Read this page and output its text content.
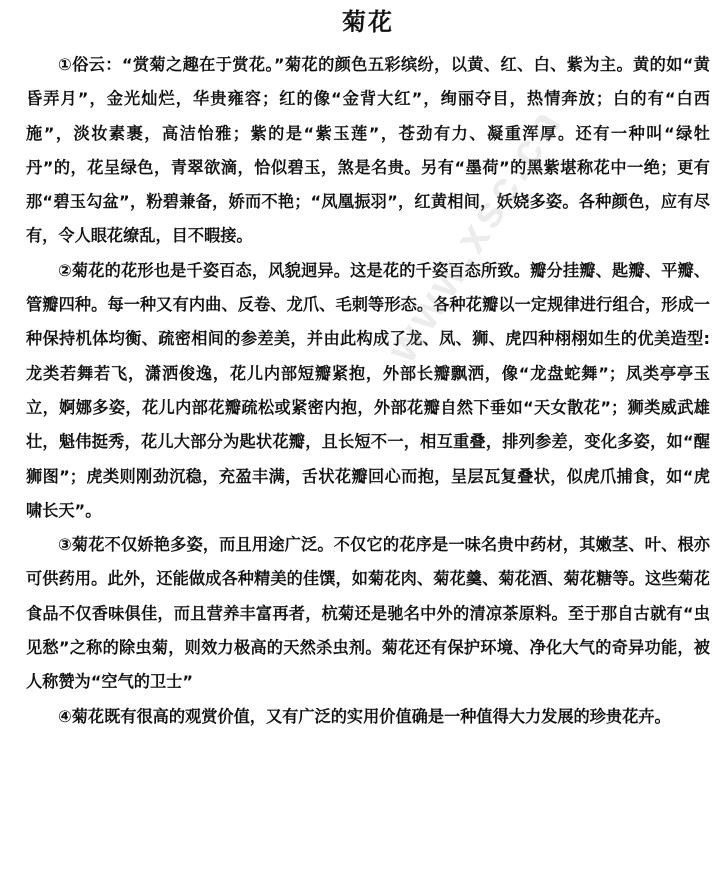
菊花

①俗云：“赏菊之趣在于赏花。”菊花的颜色五彩缤纷，以黄、红、白、紫为主。黄的如“黄昏弄月”，金光灿烂，华贵雍容；红的像“金背大红”，绚丽夺目，热情奔放；白的有“白西施”，淡妆素裹，高洁怡雅；紫的是“紫玉莲”，苍劲有力、凝重浑厚。还有一种叫“绿牡丹”的，花呈绿色，青翠欲滴，恰似碧玉，煞是名贵。另有“墨荷”的黑紫堪称花中一绝；更有那“碧玉勾盆”，粉碧兼备，娇而不艳；“凤凰振羽”，红黄相间，妖娆多姿。各种颜色，应有尽有，令人眼花缭乱，目不暇接。

②菊花的花形也是千姿百态，风貌迥异。这是花的千姿百态所致。瓣分挂瓣、匙瓣、平瓣、管瓣四种。每一种又有内曲、反卷、龙爪、毛刺等形态。各种花瓣以一定规律进行组合，形成一种保持机体均衡、疏密相间的参差美，并由此构成了龙、凤、狮、虎四种栩栩如生的优美造型: 龙类若舞若飞，潇洒俊逸，花儿内部短瓣紧抱，外部长瓣飘洒，像“龙盘蛇舞”；凤类亭亭玉立，婀娜多姿，花儿内部花瓣疏松或紧密内抱，外部花瓣自然下垂如“天女散花”；狮类威武雄壮，魁伟挺秀，花儿大部分为匙状花瓣，且长短不一，相互重叠，排列参差，变化多姿，如“醒狮图”；虎类则刚劲沉稳，充盈丰满，舌状花瓣回心而抱，呈层瓦复叠状，似虎爪捕食，如“虎啸长天”。

③菊花不仅娇艳多姿，而且用途广泛。不仅它的花序是一味名贵中药材，其嫩茎、叶、根亦可供药用。此外，还能做成各种精美的佳馔，如菊花肉、菊花羹、菊花酒、菊花糖等。这些菊花食品不仅香味俱佳，而且营养丰富再者，杭菊还是驰名中外的清凉茶原料。至于那自古就有“虫见愁”之称的除虫菊，则效力极高的天然杀虫剂。菊花还有保护环境、净化大气的奇异功能，被人称赞为“空气的卫士”

④菊花既有很高的观赏价值，又有广泛的实用价值确是一种值得大力发展的珍贵花卉。

www.xsc.cn
